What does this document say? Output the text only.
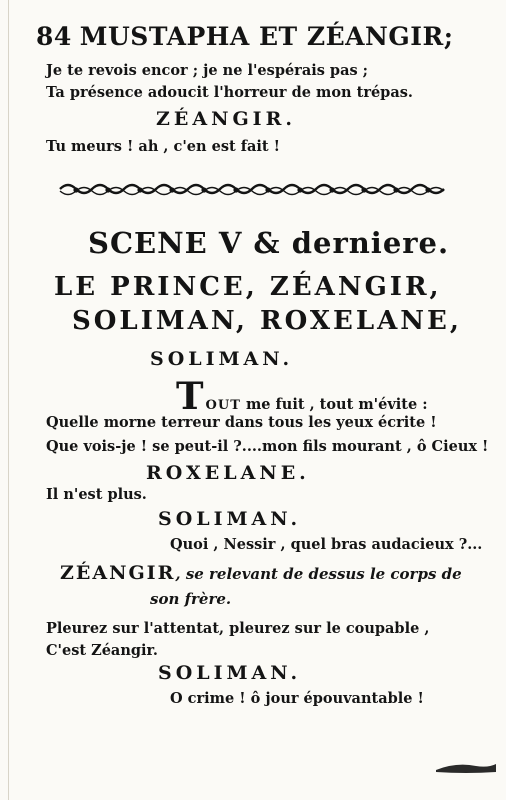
84 MUSTAPHA ET ZÉANGIR;
Je te revois encor ; je ne l'espérais pas ;
Ta présence adoucit l'horreur de mon trépas.
ZÉANGIR.
Tu meurs ! ah , c'en est fait !
SCENE V & derniere.
LE PRINCE, ZÉANGIR,
SOLIMAN, ROXELANE,
SOLIMAN.
TOUT me fuit , tout m'évite :
Quelle morne terreur dans tous les yeux écrite !
Que vois-je ! se peut-il ?....mon fils mourant , ô Cieux !
ROXELANE.
Il n'est plus.
SOLIMAN.
Quoi , Nessir , quel bras audacieux ?...
ZÉANGIR, se relevant de dessus le corps de
son frère.
Pleurez sur l'attentat, pleurez sur le coupable ,
C'est Zéangir.
SOLIMAN.
O crime ! ô jour épouvantable !
